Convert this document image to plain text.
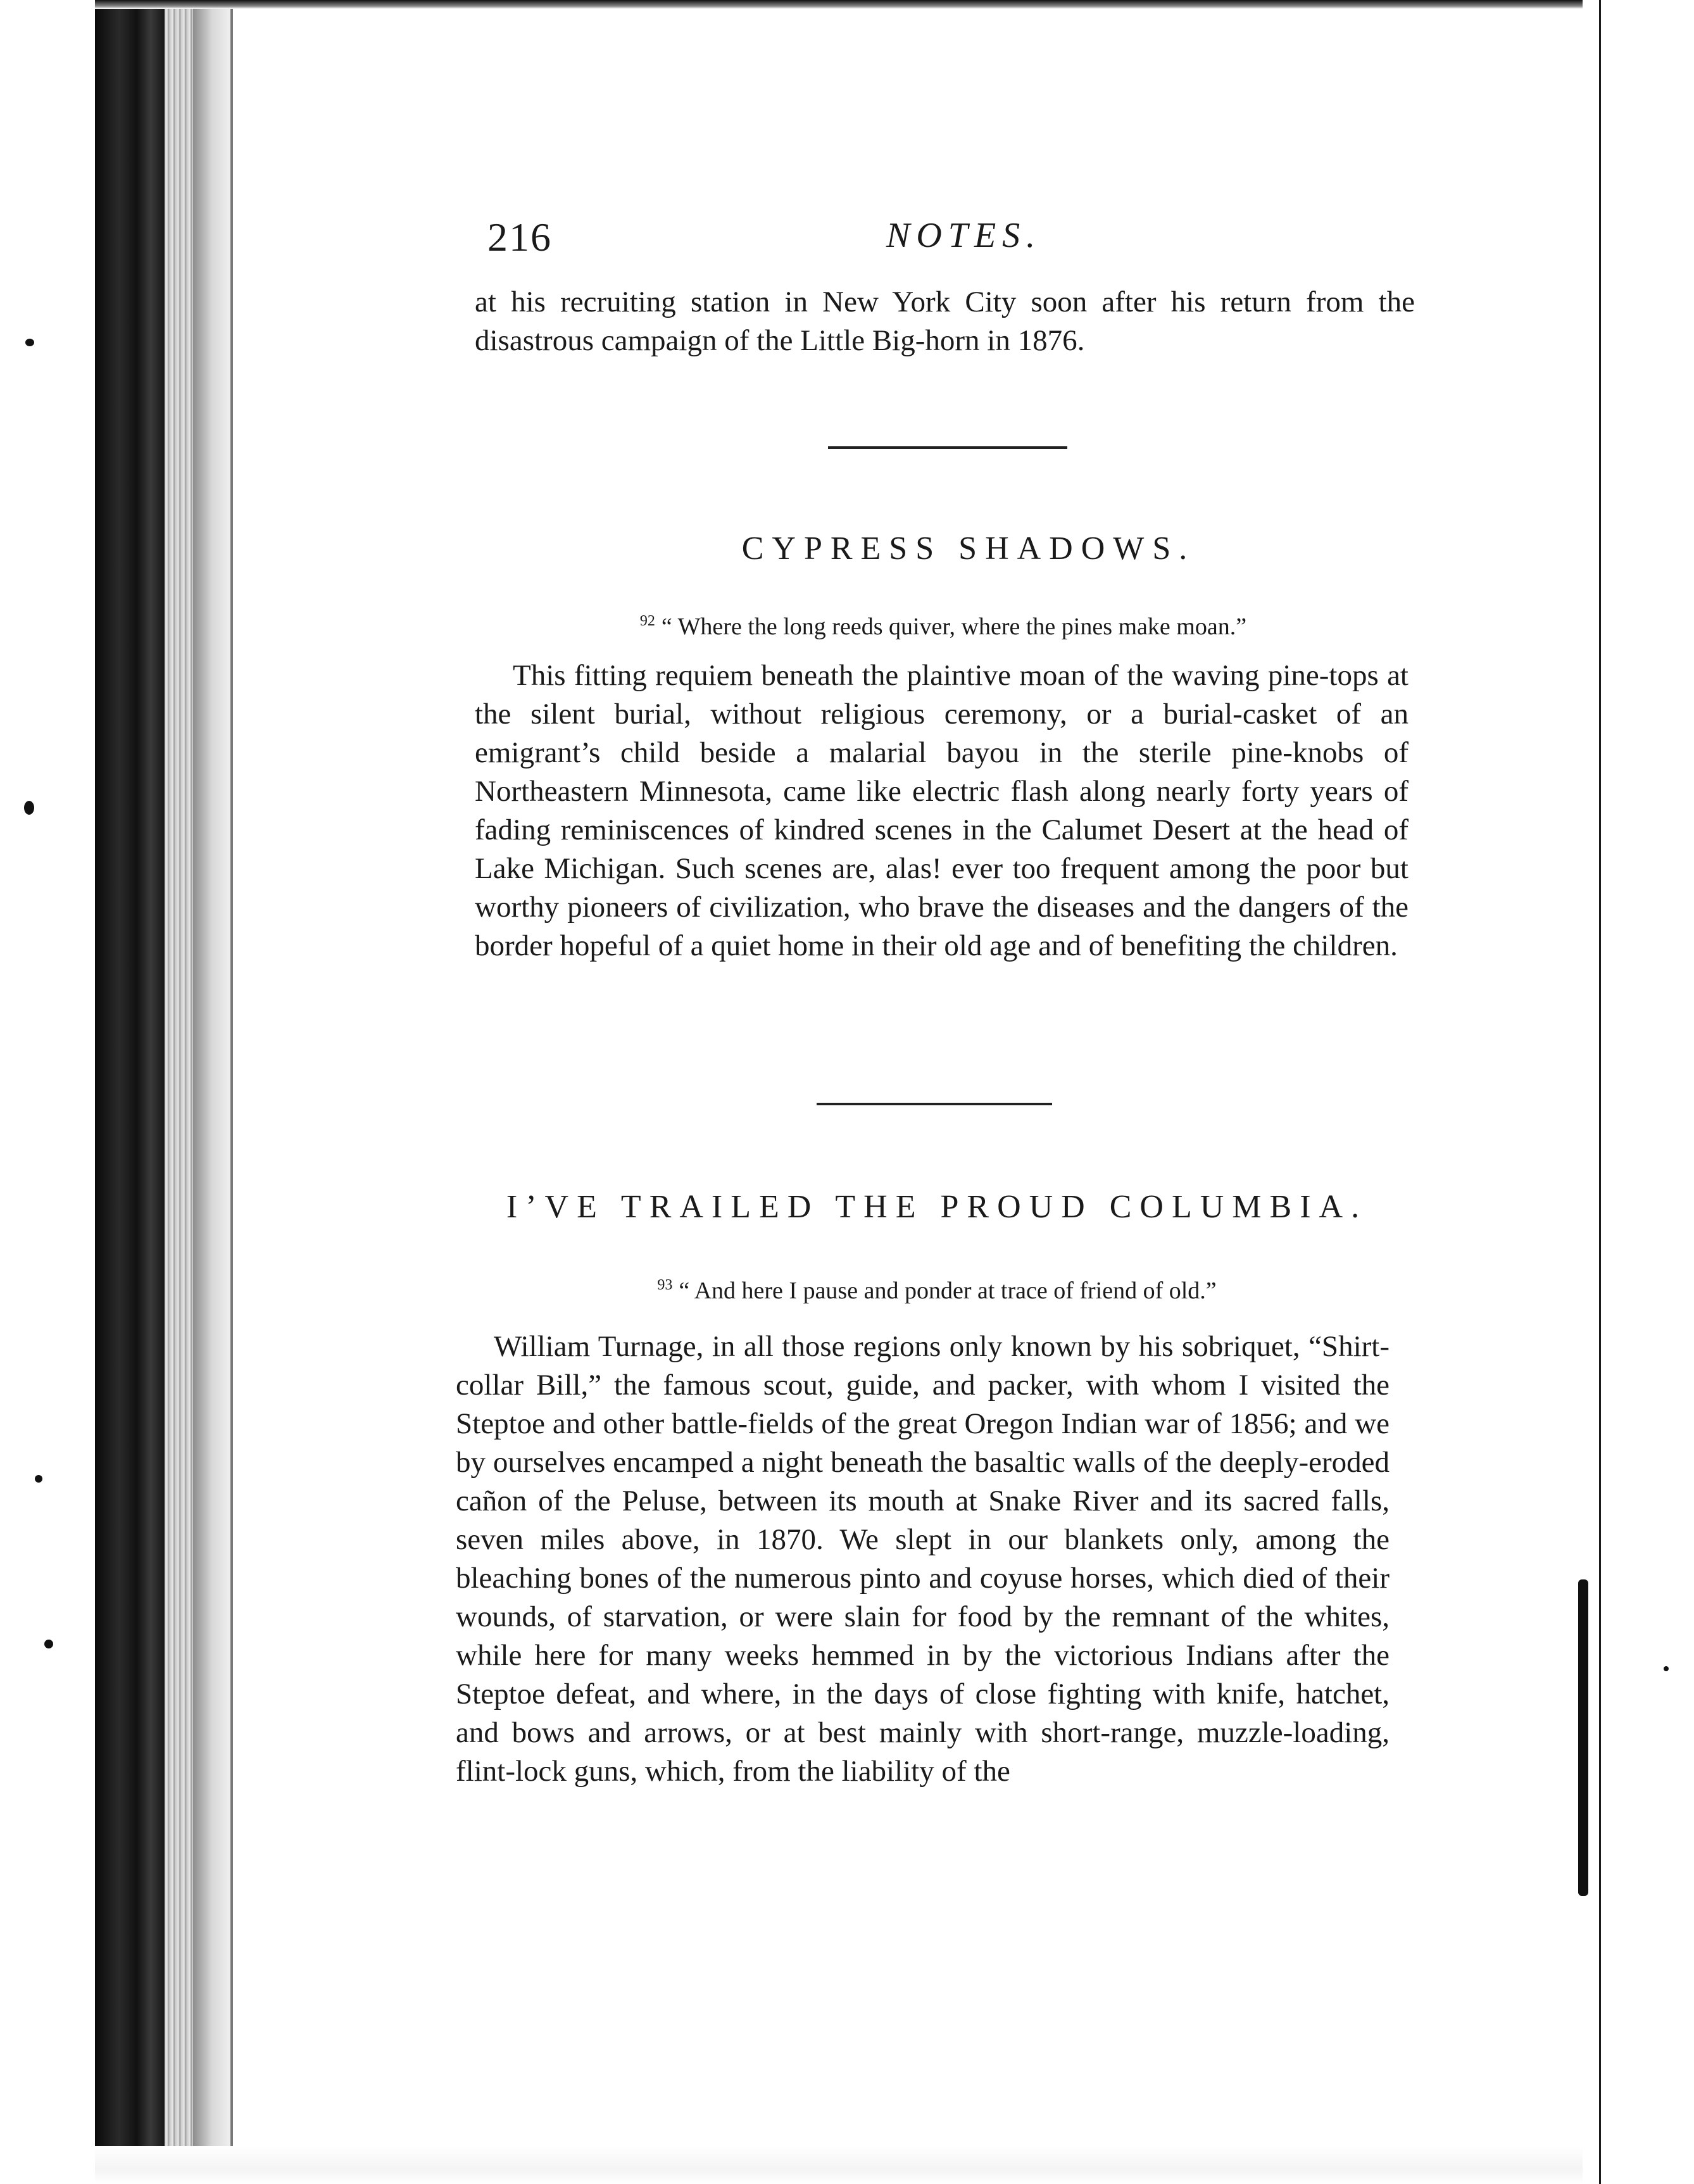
216	NOTES.
at his recruiting station in New York City soon after his return from the disastrous campaign of the Little Big-horn in 1876.
CYPRESS SHADOWS.
$^{92}$ “ Where the long reeds quiver, where the pines make moan.”
This fitting requiem beneath the plaintive moan of the waving pine-tops at the silent burial, without religious ceremony, or a burial-casket of an emigrant’s child beside a malarial bayou in the sterile pine-knobs of Northeastern Minnesota, came like electric flash along nearly forty years of fading reminiscences of kindred scenes in the Calumet Desert at the head of Lake Michigan. Such scenes are, alas! ever too frequent among the poor but worthy pioneers of civilization, who brave the diseases and the dangers of the border hopeful of a quiet home in their old age and of benefiting the children.
I’VE TRAILED THE PROUD COLUMBIA.
$^{93}$ “ And here I pause and ponder at trace of friend of old.”
William Turnage, in all those regions only known by his sobriquet, “Shirt-collar Bill,” the famous scout, guide, and packer, with whom I visited the Steptoe and other battle-fields of the great Oregon Indian war of 1856; and we by ourselves encamped a night beneath the basaltic walls of the deeply-eroded cañon of the Peluse, between its mouth at Snake River and its sacred falls, seven miles above, in 1870. We slept in our blankets only, among the bleaching bones of the numerous pinto and coyuse horses, which died of their wounds, of starvation, or were slain for food by the remnant of the whites, while here for many weeks hemmed in by the victorious Indians after the Steptoe defeat, and where, in the days of close fighting with knife, hatchet, and bows and arrows, or at best mainly with short-range, muzzle-loading, flint-lock guns, which, from the liability of the
